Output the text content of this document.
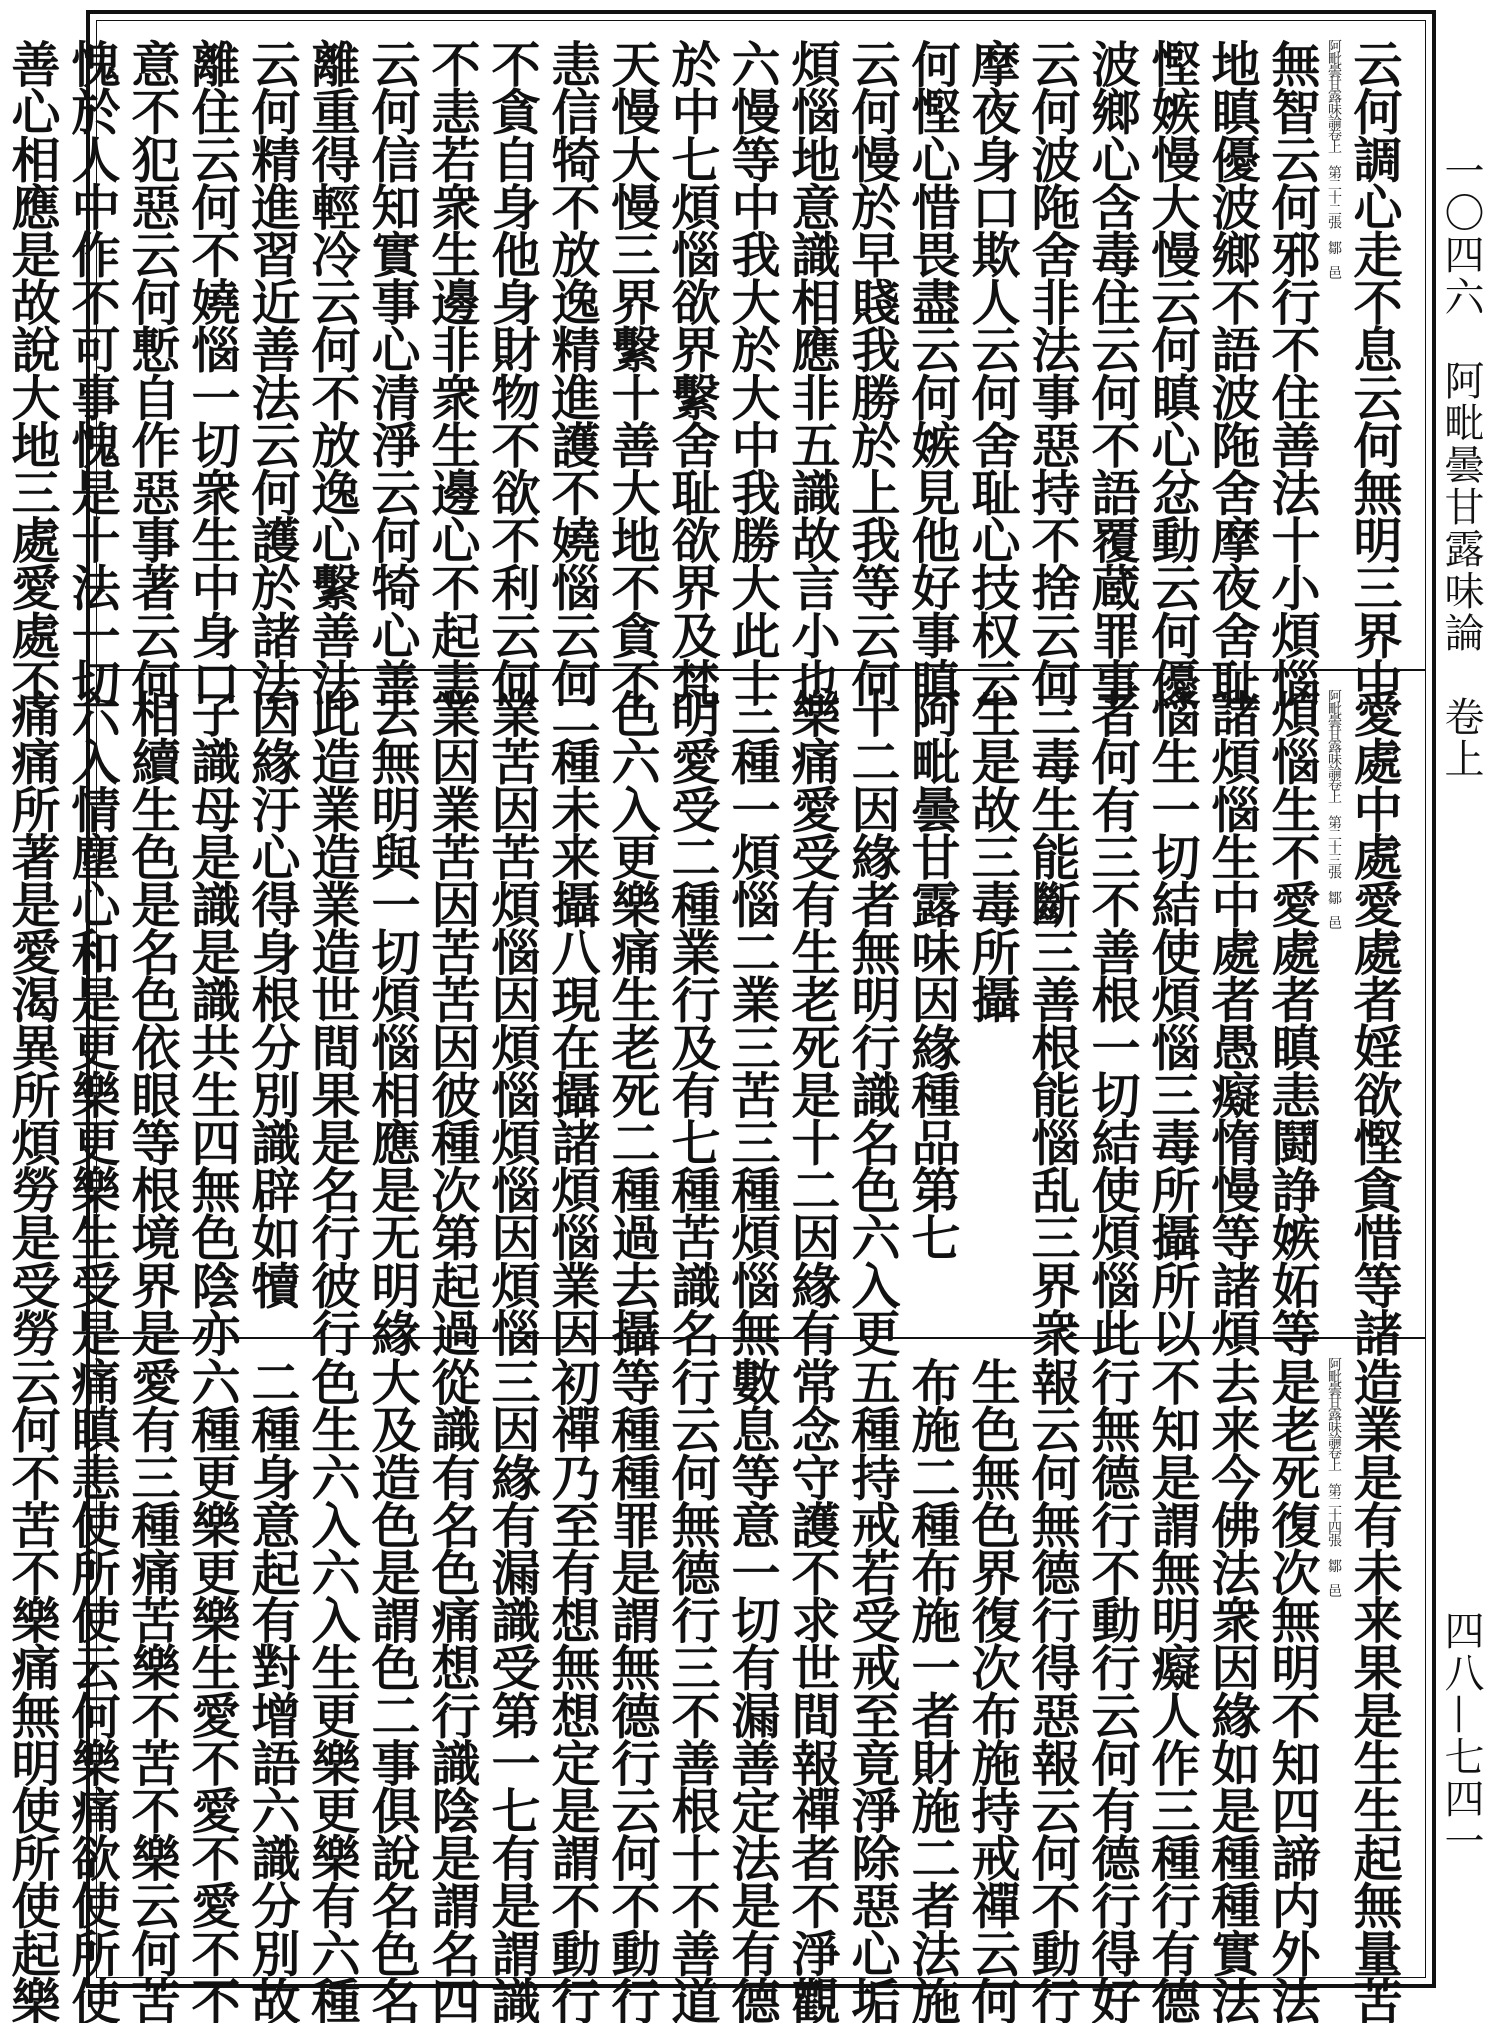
一〇四六　阿毗曇甘露味論　卷上
四八—七四一
云何調心走不息云何無明三界中
阿毗曇甘露味論卷上　第二十二張　鄒　邑
無智云何邪行不住善法十小煩惱
地瞋優波鄉不語波陁舍摩夜舍耻
慳嫉慢大慢云何瞋心忿動云何優
波鄉心含毒住云何不語覆蔵罪事
云何波陁舍非法事惡持不捨云何
摩夜身口欺人云何舍耻心技权云
何慳心惜畏盡云何嫉見他好事瞋
云何慢於早賤我勝於上我等云何
煩惱地意識相應非五識故言小也
六慢等中我大於大中我勝大此十
於中七煩惱欲界繫舍耻欲界及梵
天慢大慢三界繫十善大地不貪不
恚信犄不放逸精進護不嬈惱云何
不貪自身他身財物不欲不利云何
不恚若衆生邊非衆生邊心不起恚
云何信知實事心清淨云何犄心善
離重得輕冷云何不放逸心繫善法
云何精進習近善法云何護於諸法
離住云何不嬈惱一切衆生中身口
意不犯惡云何慙自作惡事著云何
愧於人中作不可事愧是十法一切
善心相應是故說大地三處愛處不
愛處中處愛處者婬欲慳貪惜等諸
阿毗曇甘露味論卷上　第二十三張　鄒　邑
煩惱生不愛處者瞋恚鬪諍嫉妬等
諸煩惱生中處者愚癡惰慢等諸煩
惱生一切結使煩惱三毒所攝所以
者何有三不善根一切結使煩惱此
三毒生能斷三善根能惱乱三界衆
生是故三毒所攝
阿毗曇甘露味因緣種品第七
十二因緣者無明行識名色六入更
樂痛愛受有生老死是十二因緣有
三種一煩惱二業三苦三種煩惱無
明愛受二種業行及有七種苦識名
色六入更樂痛生老死二種過去攝
二種未来攝八現在攝諸煩惱業因
業苦因苦煩惱因煩惱煩惱因煩惱
業因業苦因苦苦因彼種次第起過
去無明與一切煩惱相應是无明緣
此造業造業造世間果是名行彼行
因緣汙心得身根分別識辟如犢
子識母是識是識共生四無色陰亦
相續生色是名色依眼等根境界是
六入情塵心和是更樂更樂生受是
痛痛所著是愛渴異所煩勞是受勞
造業是有未来果是生生起無量苦
阿毗曇甘露味論卷上　第二十四張　鄒　邑
是老死復次無明不知四諦内外法
去来今佛法衆因緣如是種種實法
不知是謂無明癡人作三種行有德
行無德行不動行云何有德行得好
報云何無德行得惡報云何不動行
生色無色界復次布施持戒禪云何
布施二種布施一者財施二者法施
五種持戒若受戒至竟淨除惡心垢
常念守護不求世間報禪者不淨觀
數息等意一切有漏善定法是有德
行云何無德行三不善根十不善道
等種種罪是謂無德行云何不動行
初禪乃至有想無想定是謂不動行
三因緣有漏識受第一七有是謂識
從識有名色痛想行識陰是謂名四
大及造色是謂色二事俱說名色名
色生六入六入生更樂更樂有六種
二種身意起有對增語六識分別故
六種更樂更樂生愛不愛不愛不不
愛有三種痛苦樂不苦不樂云何苦
痛瞋恚使所使云何樂痛欲使所使
云何不苦不樂痛無明使所使起樂
